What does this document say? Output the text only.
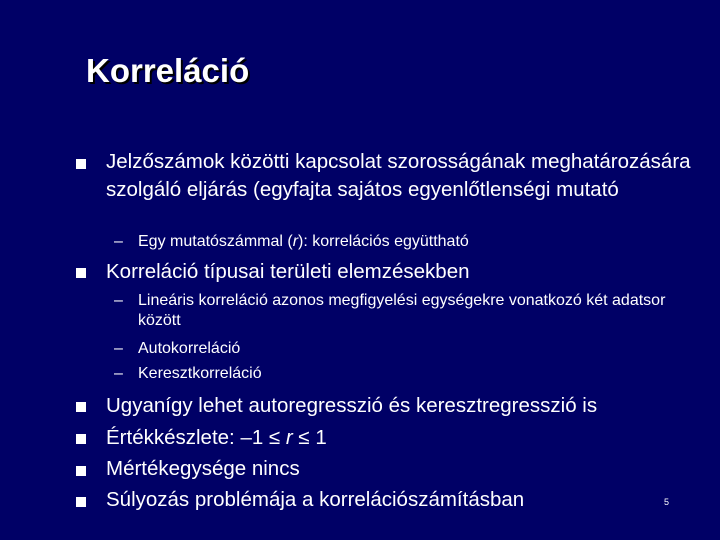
Korreláció
Jelzőszámok közötti kapcsolat szorosságának meghatározására szolgáló eljárás (egyfajta sajátos egyenlőtlenségi mutató
– Egy mutatószámmal (r): korrelációs együttható
Korreláció típusai területi elemzésekben
– Lineáris korreláció azonos megfigyelési egységekre vonatkozó két adatsor között
– Autokorreláció
– Keresztkorreláció
Ugyanígy lehet autoregresszió és keresztregresszió is
Értékkészlete: –1 ≤ r ≤ 1
Mértékegysége nincs
Súlyozás problémája a korrelációszámításban	5
